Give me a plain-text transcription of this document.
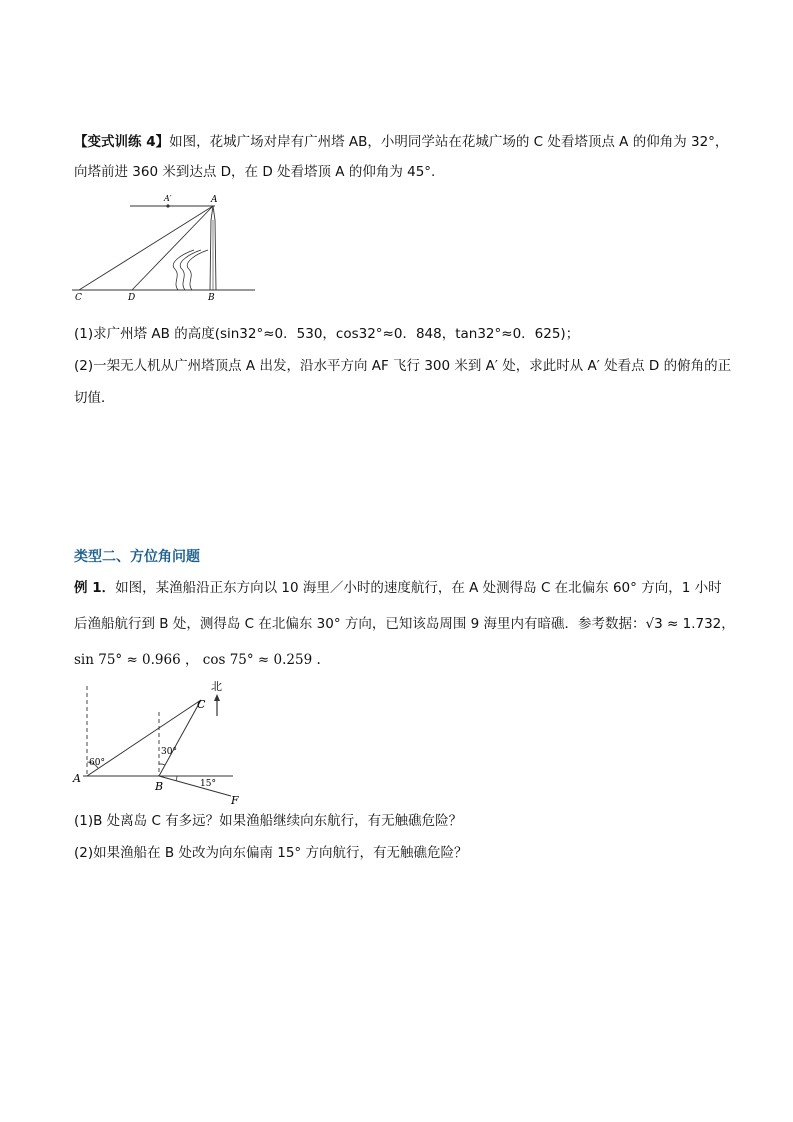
【变式训练 4】如图，花城广场对岸有广州塔 AB，小明同学站在花城广场的 C 处看塔顶点 A 的仰角为 32°，
向塔前进 360 米到达点 D，在 D 处看塔顶 A 的仰角为 45°.
A′	A
C	D	B
(1)求广州塔 AB 的高度(sin32°≈0．530，cos32°≈0．848，tan32°≈0．625)；
(2)一架无人机从广州塔顶点 A 出发，沿水平方向 AF 飞行 300 米到 A′ 处，求此时从 A′ 处看点 D 的俯角的正
切值．
类型二、方位角问题
例 1．如图，某渔船沿正东方向以 10 海里／小时的速度航行，在 A 处测得岛 C 在北偏东 60° 方向，1 小时
后渔船航行到 B 处，测得岛 C 在北偏东 30° 方向，已知该岛周围 9 海里内有暗礁．参考数据：√3 ≈ 1.732，
sin 75° ≈ 0.966 ， cos 75° ≈ 0.259 .
北
C
A
B
F
60°
30°
15°
(1)B 处离岛 C 有多远？如果渔船继续向东航行，有无触礁危险？
(2)如果渔船在 B 处改为向东偏南 15° 方向航行，有无触礁危险？
